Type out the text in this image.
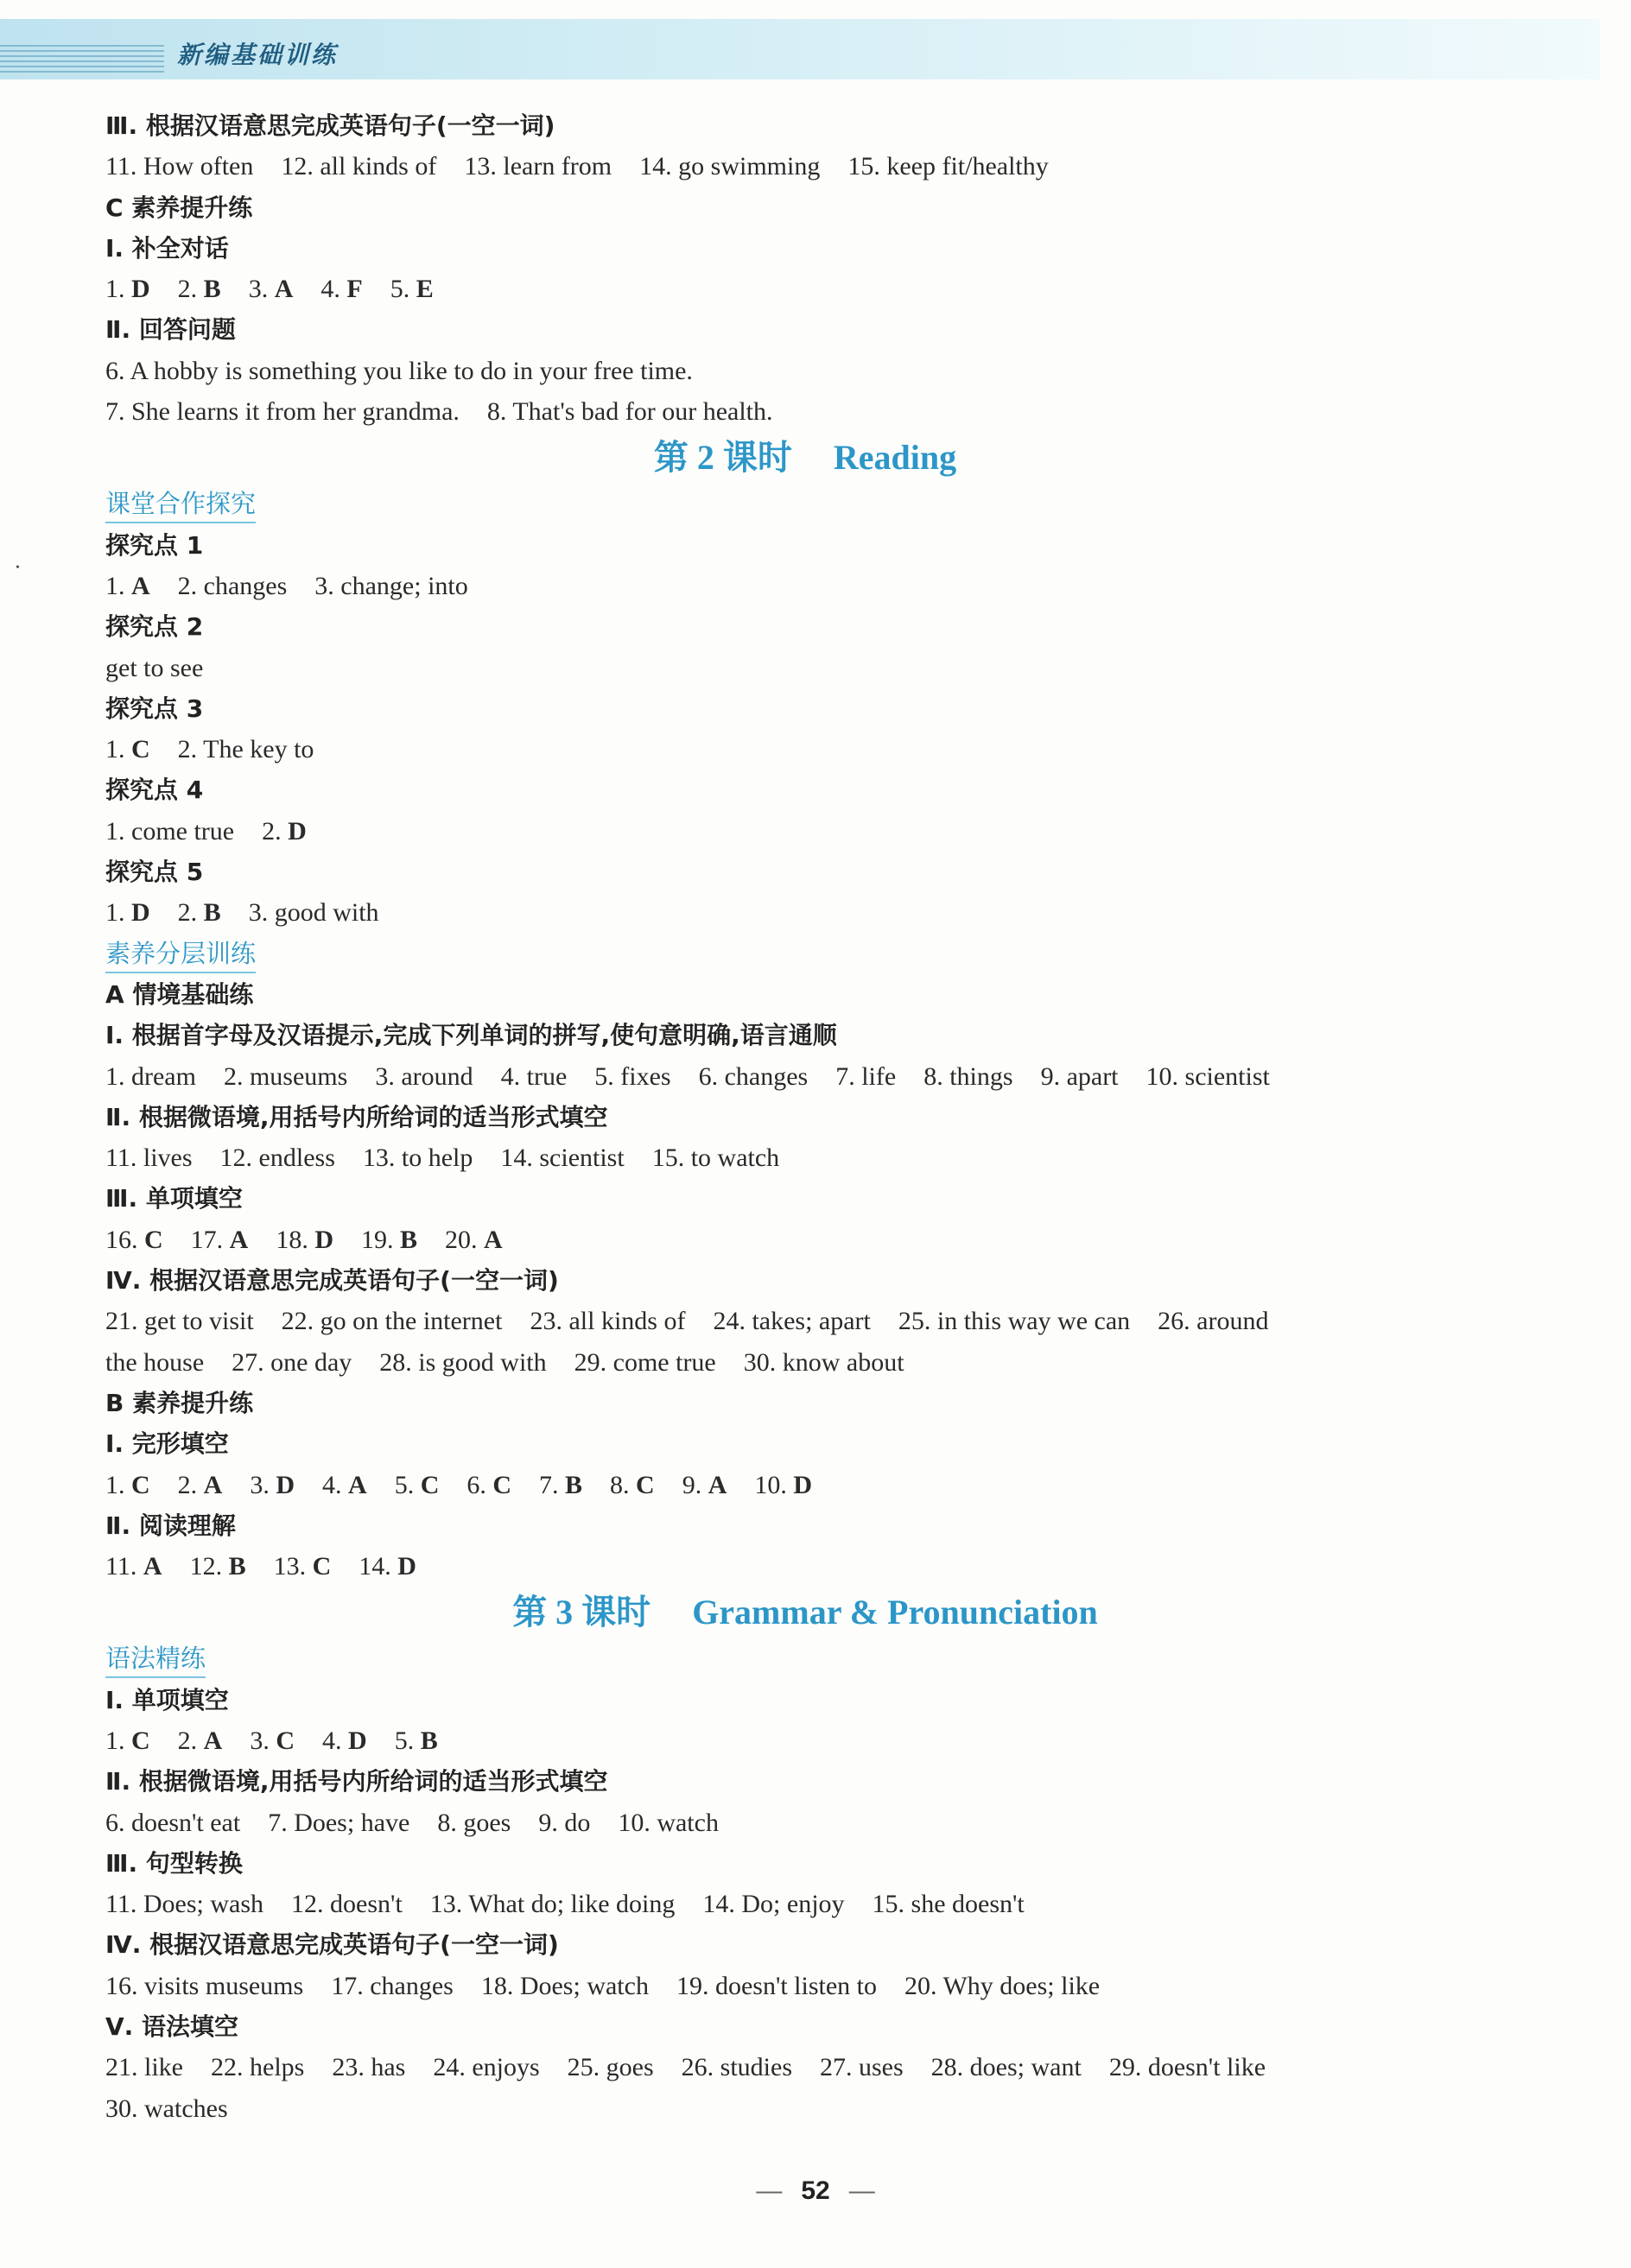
新编基础训练
•
Ⅲ. 根据汉语意思完成英语句子(一空一词)
11. How often 12. all kinds of 13. learn from 14. go swimming 15. keep fit/healthy
C 素养提升练
Ⅰ. 补全对话
1. D 2. B 3. A 4. F 5. E
Ⅱ. 回答问题
6. A hobby is something you like to do in your free time.
7. She learns it from her grandma. 8. That's bad for our health.
第 2 课时 Reading
课堂合作探究
探究点 1
1. A 2. changes 3. change; into
探究点 2
get to see
探究点 3
1. C 2. The key to
探究点 4
1. come true 2. D
探究点 5
1. D 2. B 3. good with
素养分层训练
A 情境基础练
Ⅰ. 根据首字母及汉语提示,完成下列单词的拼写,使句意明确,语言通顺
1. dream 2. museums 3. around 4. true 5. fixes 6. changes 7. life 8. things 9. apart 10. scientist
Ⅱ. 根据微语境,用括号内所给词的适当形式填空
11. lives 12. endless 13. to help 14. scientist 15. to watch
Ⅲ. 单项填空
16. C 17. A 18. D 19. B 20. A
Ⅳ. 根据汉语意思完成英语句子(一空一词)
21. get to visit 22. go on the internet 23. all kinds of 24. takes; apart 25. in this way we can 26. around
the house 27. one day 28. is good with 29. come true 30. know about
B 素养提升练
Ⅰ. 完形填空
1. C 2. A 3. D 4. A 5. C 6. C 7. B 8. C 9. A 10. D
Ⅱ. 阅读理解
11. A 12. B 13. C 14. D
第 3 课时 Grammar & Pronunciation
语法精练
Ⅰ. 单项填空
1. C 2. A 3. C 4. D 5. B
Ⅱ. 根据微语境,用括号内所给词的适当形式填空
6. doesn't eat 7. Does; have 8. goes 9. do 10. watch
Ⅲ. 句型转换
11. Does; wash 12. doesn't 13. What do; like doing 14. Do; enjoy 15. she doesn't
Ⅳ. 根据汉语意思完成英语句子(一空一词)
16. visits museums 17. changes 18. Does; watch 19. doesn't listen to 20. Why does; like
Ⅴ. 语法填空
21. like 22. helps 23. has 24. enjoys 25. goes 26. studies 27. uses 28. does; want 29. doesn't like
30. watches
— 52 —
